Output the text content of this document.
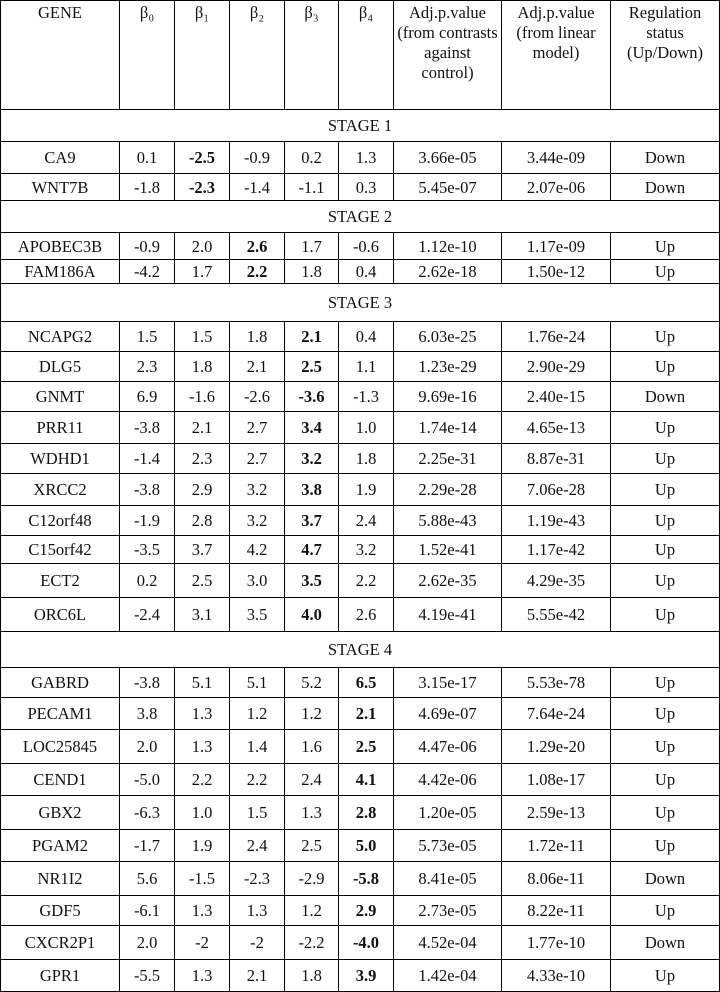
GENE	β₀	β₁	β₂	β₃	β₄	Adj.p.value (from contrasts against control)	Adj.p.value (from linear model)	Regulation status (Up/Down)
STAGE 1								
CA9	0.1	-2.5	-0.9	0.2	1.3	3.66e-05	3.44e-09	Down
WNT7B	-1.8	-2.3	-1.4	-1.1	0.3	5.45e-07	2.07e-06	Down
STAGE 2								
APOBEC3B	-0.9	2.0	2.6	1.7	-0.6	1.12e-10	1.17e-09	Up
FAM186A	-4.2	1.7	2.2	1.8	0.4	2.62e-18	1.50e-12	Up
STAGE 3								
NCAPG2	1.5	1.5	1.8	2.1	0.4	6.03e-25	1.76e-24	Up
DLG5	2.3	1.8	2.1	2.5	1.1	1.23e-29	2.90e-29	Up
GNMT	6.9	-1.6	-2.6	-3.6	-1.3	9.69e-16	2.40e-15	Down
PRR11	-3.8	2.1	2.7	3.4	1.0	1.74e-14	4.65e-13	Up
WDHD1	-1.4	2.3	2.7	3.2	1.8	2.25e-31	8.87e-31	Up
XRCC2	-3.8	2.9	3.2	3.8	1.9	2.29e-28	7.06e-28	Up
C12orf48	-1.9	2.8	3.2	3.7	2.4	5.88e-43	1.19e-43	Up
C15orf42	-3.5	3.7	4.2	4.7	3.2	1.52e-41	1.17e-42	Up
ECT2	0.2	2.5	3.0	3.5	2.2	2.62e-35	4.29e-35	Up
ORC6L	-2.4	3.1	3.5	4.0	2.6	4.19e-41	5.55e-42	Up
STAGE 4								
GABRD	-3.8	5.1	5.1	5.2	6.5	3.15e-17	5.53e-78	Up
PECAM1	3.8	1.3	1.2	1.2	2.1	4.69e-07	7.64e-24	Up
LOC25845	2.0	1.3	1.4	1.6	2.5	4.47e-06	1.29e-20	Up
CEND1	-5.0	2.2	2.2	2.4	4.1	4.42e-06	1.08e-17	Up
GBX2	-6.3	1.0	1.5	1.3	2.8	1.20e-05	2.59e-13	Up
PGAM2	-1.7	1.9	2.4	2.5	5.0	5.73e-05	1.72e-11	Up
NR1I2	5.6	-1.5	-2.3	-2.9	-5.8	8.41e-05	8.06e-11	Down
GDF5	-6.1	1.3	1.3	1.2	2.9	2.73e-05	8.22e-11	Up
CXCR2P1	2.0	-2	-2	-2.2	-4.0	4.52e-04	1.77e-10	Down
GPR1	-5.5	1.3	2.1	1.8	3.9	1.42e-04	4.33e-10	Up
